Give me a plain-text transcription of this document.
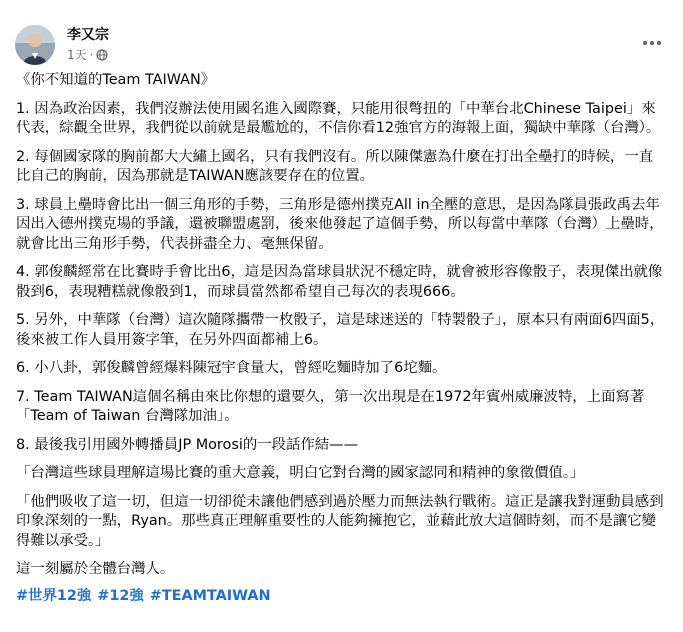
李又宗
1天 ·

《你不知道的Team TAIWAN》

1. 因為政治因素，我們沒辦法使用國名進入國際賽，只能用很彆扭的「中華台北Chinese Taipei」來代表，綜觀全世界，我們從以前就是最尷尬的，不信你看12強官方的海報上面，獨缺中華隊（台灣）。

2. 每個國家隊的胸前都大大繡上國名，只有我們沒有。所以陳傑憲為什麼在打出全壘打的時候，一直比自己的胸前，因為那就是TAIWAN應該要存在的位置。

3. 球員上壘時會比出一個三角形的手勢，三角形是德州撲克All in全壓的意思，是因為隊員張政禹去年因出入德州撲克場的爭議，還被聯盟處罰，後來他發起了這個手勢，所以每當中華隊（台灣）上壘時，就會比出三角形手勢，代表拼盡全力、毫無保留。

4. 郭俊麟經常在比賽時手會比出6，這是因為當球員狀況不穩定時，就會被形容像骰子，表現傑出就像骰到6，表現糟糕就像骰到1，而球員當然都希望自己每次的表現666。

5. 另外，中華隊（台灣）這次隨隊攜帶一枚骰子，這是球迷送的「特製骰子」，原本只有兩面6四面5，後來被工作人員用簽字筆，在另外四面都補上6。

6. 小八卦，郭俊麟曾經爆料陳冠宇食量大，曾經吃麵時加了6坨麵。

7. Team TAIWAN這個名稱由來比你想的還要久，第一次出現是在1972年賓州威廉波特，上面寫著「Team of Taiwan 台灣隊加油」。

8. 最後我引用國外轉播員JP Morosi的一段話作結——

「台灣這些球員理解這場比賽的重大意義，明白它對台灣的國家認同和精神的象徵價值。」

「他們吸收了這一切，但這一切卻從未讓他們感到過於壓力而無法執行戰術。這正是讓我對運動員感到印象深刻的一點，Ryan。那些真正理解重要性的人能夠擁抱它，並藉此放大這個時刻，而不是讓它變得難以承受。」

這一刻屬於全體台灣人。

#世界12強 #12強 #TEAMTAIWAN
